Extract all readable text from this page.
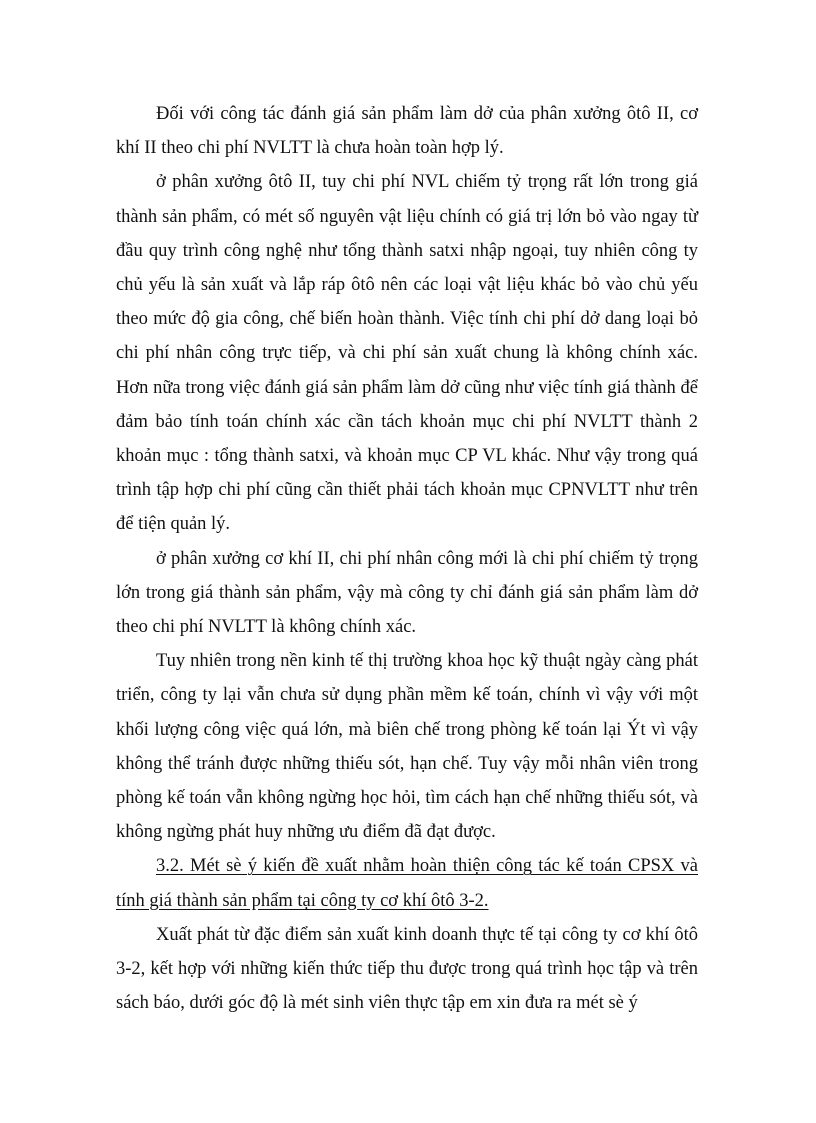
Đối với công tác đánh giá sản phẩm làm dở của phân xưởng ôtô II, cơ khí II theo chi phí NVLTT là chưa hoàn toàn hợp lý.

ở phân xưởng ôtô II, tuy chi phí NVL chiếm tỷ trọng rất lớn trong giá thành sản phẩm, có mét số nguyên vật liệu chính có giá trị lớn bỏ vào ngay từ đầu quy trình công nghệ như tổng thành satxi nhập ngoại, tuy nhiên công ty chủ yếu là sản xuất và lắp ráp ôtô nên các loại vật liệu khác bỏ vào chủ yếu theo mức độ gia công, chế biến hoàn thành. Việc tính chi phí dở dang loại bỏ chi phí nhân công trực tiếp, và chi phí sản xuất chung là không chính xác. Hơn nữa trong việc đánh giá sản phẩm làm dở cũng như việc tính giá thành để đảm bảo tính toán chính xác cần tách khoản mục chi phí NVLTT thành 2 khoản mục : tổng thành satxi, và khoản mục CP VL khác. Như vậy trong quá trình tập hợp chi phí cũng cần thiết phải tách khoản mục CPNVLTT như trên để tiện quản lý.

ở phân xưởng cơ khí II, chi phí nhân công mới là chi phí chiếm tỷ trọng lớn trong giá thành sản phẩm, vậy mà công ty chỉ đánh giá sản phẩm làm dở theo chi phí NVLTT là không chính xác.

Tuy nhiên trong nền kinh tế thị trường khoa học kỹ thuật ngày càng phát triển, công ty lại vẫn chưa sử dụng phần mềm kế toán, chính vì vậy với một khối lượng công việc quá lớn, mà biên chế trong phòng kế toán lại Ýt vì vậy không thể tránh được những thiếu sót, hạn chế. Tuy vậy mỗi nhân viên trong phòng kế toán vẫn không ngừng học hỏi, tìm cách hạn chế những thiếu sót, và không ngừng phát huy những ưu điểm đã đạt được.

3.2. Mét sè ý kiến đề xuất nhằm hoàn thiện công tác kế toán CPSX và tính giá thành sản phẩm tại công ty cơ khí ôtô 3-2.

Xuất phát từ đặc điểm sản xuất kinh doanh thực tế tại công ty cơ khí ôtô 3-2, kết hợp với những kiến thức tiếp thu được trong quá trình học tập và trên sách báo, dưới góc độ là mét sinh viên thực tập em xin đưa ra mét sè ý
